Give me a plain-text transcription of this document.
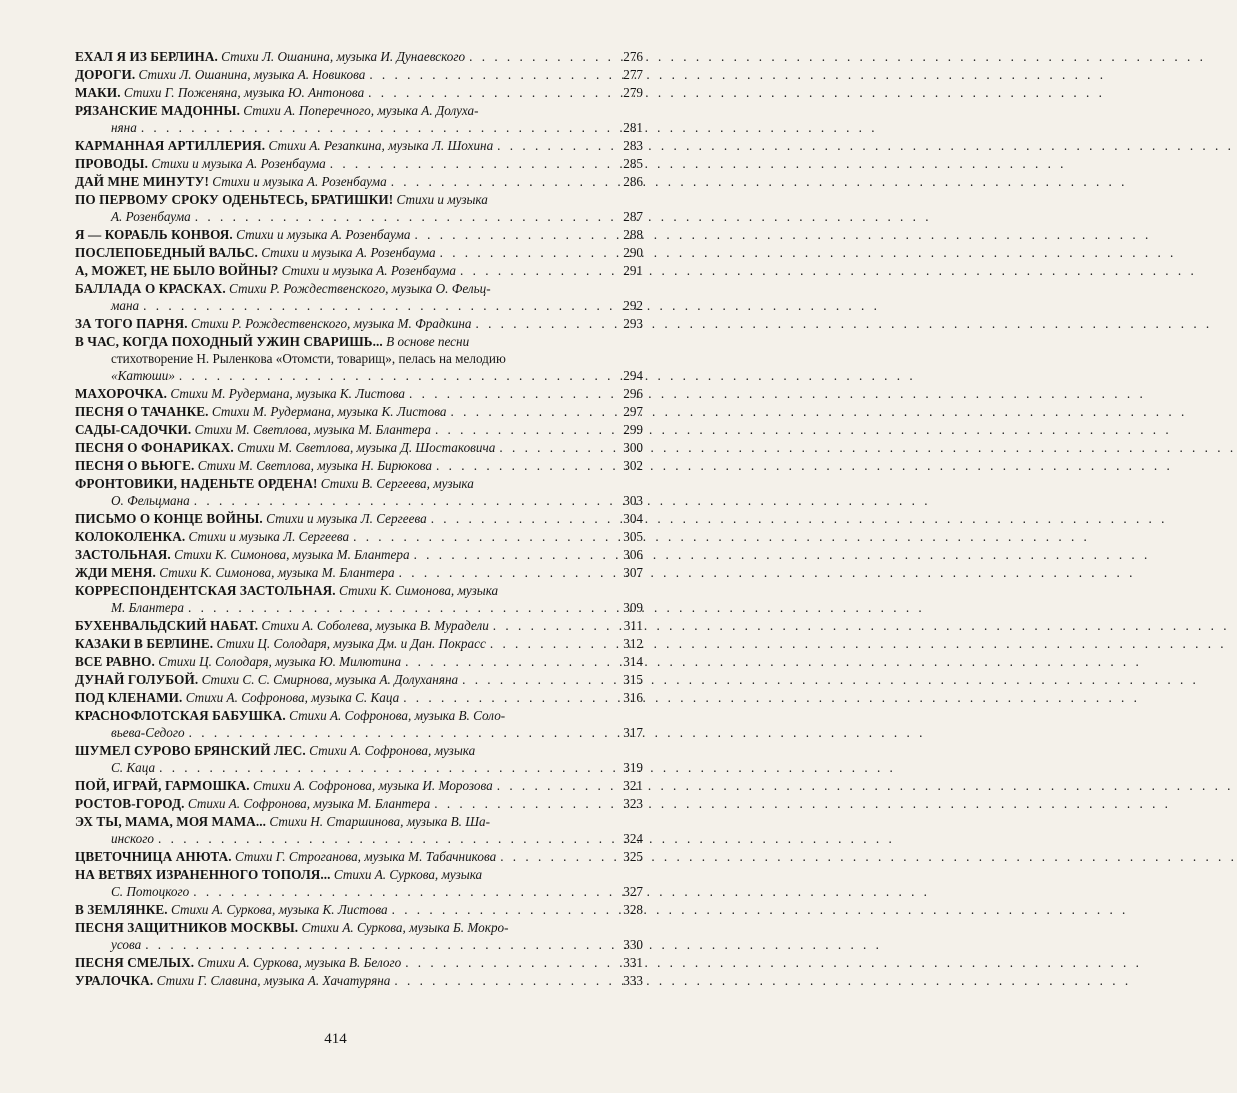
ЕХАЛ Я ИЗ БЕРЛИНА. Стихи Л. Ошанина, музыка И. Дунаевского . . .	276
ДОРОГИ. Стихи Л. Ошанина, музыка А. Новикова . . .	277
МАКИ. Стихи Г. Поженяна, музыка Ю. Антонова . . .	279
РЯЗАНСКИЕ МАДОННЫ. Стихи А. Поперечного, музыка А. Долуха-
няна . . .	281
КАРМАННАЯ АРТИЛЛЕРИЯ. Стихи А. Резапкина, музыка Л. Шохина . . .	283
ПРОВОДЫ. Стихи и музыка А. Розенбаума . . .	285
ДАЙ МНЕ МИНУТУ! Стихи и музыка А. Розенбаума . . .	286
ПО ПЕРВОМУ СРОКУ ОДЕНЬТЕСЬ, БРАТИШКИ! Стихи и музыка
А. Розенбаума . . .	287
Я — КОРАБЛЬ КОНВОЯ. Стихи и музыка А. Розенбаума . . .	288
ПОСЛЕПОБЕДНЫЙ ВАЛЬС. Стихи и музыка А. Розенбаума . . .	290
А, МОЖЕТ, НЕ БЫЛО ВОЙНЫ? Стихи и музыка А. Розенбаума . . .	291
БАЛЛАДА О КРАСКАХ. Стихи Р. Рождественского, музыка О. Фельц-
мана . . .	292
ЗА ТОГО ПАРНЯ. Стихи Р. Рождественского, музыка М. Фрадкина . . .	293
В ЧАС, КОГДА ПОХОДНЫЙ УЖИН СВАРИШЬ... В основе песни
стихотворение Н. Рыленкова «Отомсти, товарищ», пелась на мелодию
«Катюши» . . .	294
МАХОРОЧКА. Стихи М. Рудермана, музыка К. Листова . . .	296
ПЕСНЯ О ТАЧАНКЕ. Стихи М. Рудермана, музыка К. Листова . . .	297
САДЫ-САДОЧКИ. Стихи М. Светлова, музыка М. Блантера . . .	299
ПЕСНЯ О ФОНАРИКАХ. Стихи М. Светлова, музыка Д. Шостаковича . . .	300
ПЕСНЯ О ВЬЮГЕ. Стихи М. Светлова, музыка Н. Бирюкова . . .	302
ФРОНТОВИКИ, НАДЕНЬТЕ ОРДЕНА! Стихи В. Сергеева, музыка
О. Фельцмана . . .	303
ПИСЬМО О КОНЦЕ ВОЙНЫ. Стихи и музыка Л. Сергеева . . .	304
КОЛОКОЛЕНКА. Стихи и музыка Л. Сергеева . . .	305
ЗАСТОЛЬНАЯ. Стихи К. Симонова, музыка М. Блантера . . .	306
ЖДИ МЕНЯ. Стихи К. Симонова, музыка М. Блантера . . .	307
КОРРЕСПОНДЕНТСКАЯ ЗАСТОЛЬНАЯ. Стихи К. Симонова, музыка
М. Блантера . . .	309
БУХЕНВАЛЬДСКИЙ НАБАТ. Стихи А. Соболева, музыка В. Мурадели . . .	311
КАЗАКИ В БЕРЛИНЕ. Стихи Ц. Солодаря, музыка Дм. и Дан. Покрасс . . .	312
ВСЕ РАВНО. Стихи Ц. Солодаря, музыка Ю. Милютина . . .	314
ДУНАЙ ГОЛУБОЙ. Стихи С. С. Смирнова, музыка А. Долуханяна . . .	315
ПОД КЛЕНАМИ. Стихи А. Софронова, музыка С. Каца . . .	316
КРАСНОФЛОТСКАЯ БАБУШКА. Стихи А. Софронова, музыка В. Соло-
вьева-Седого . . .	317
ШУМЕЛ СУРОВО БРЯНСКИЙ ЛЕС. Стихи А. Софронова, музыка
С. Каца . . .	319
ПОЙ, ИГРАЙ, ГАРМОШКА. Стихи А. Софронова, музыка И. Морозова . . .	321
РОСТОВ-ГОРОД. Стихи А. Софронова, музыка М. Блантера . . .	323
ЭХ ТЫ, МАМА, МОЯ МАМА... Стихи Н. Старшинова, музыка В. Ша-
инского . . .	324
ЦВЕТОЧНИЦА АНЮТА. Стихи Г. Строганова, музыка М. Табачникова . . .	325
НА ВЕТВЯХ ИЗРАНЕННОГО ТОПОЛЯ... Стихи А. Суркова, музыка
С. Потоцкого . . .	327
В ЗЕМЛЯНКЕ. Стихи А. Суркова, музыка К. Листова . . .	328
ПЕСНЯ ЗАЩИТНИКОВ МОСКВЫ. Стихи А. Суркова, музыка Б. Мокро-
усова . . .	330
ПЕСНЯ СМЕЛЫХ. Стихи А. Суркова, музыка В. Белого . . .	331
УРАЛОЧКА. Стихи Г. Славина, музыка А. Хачатуряна . . .	333
414
